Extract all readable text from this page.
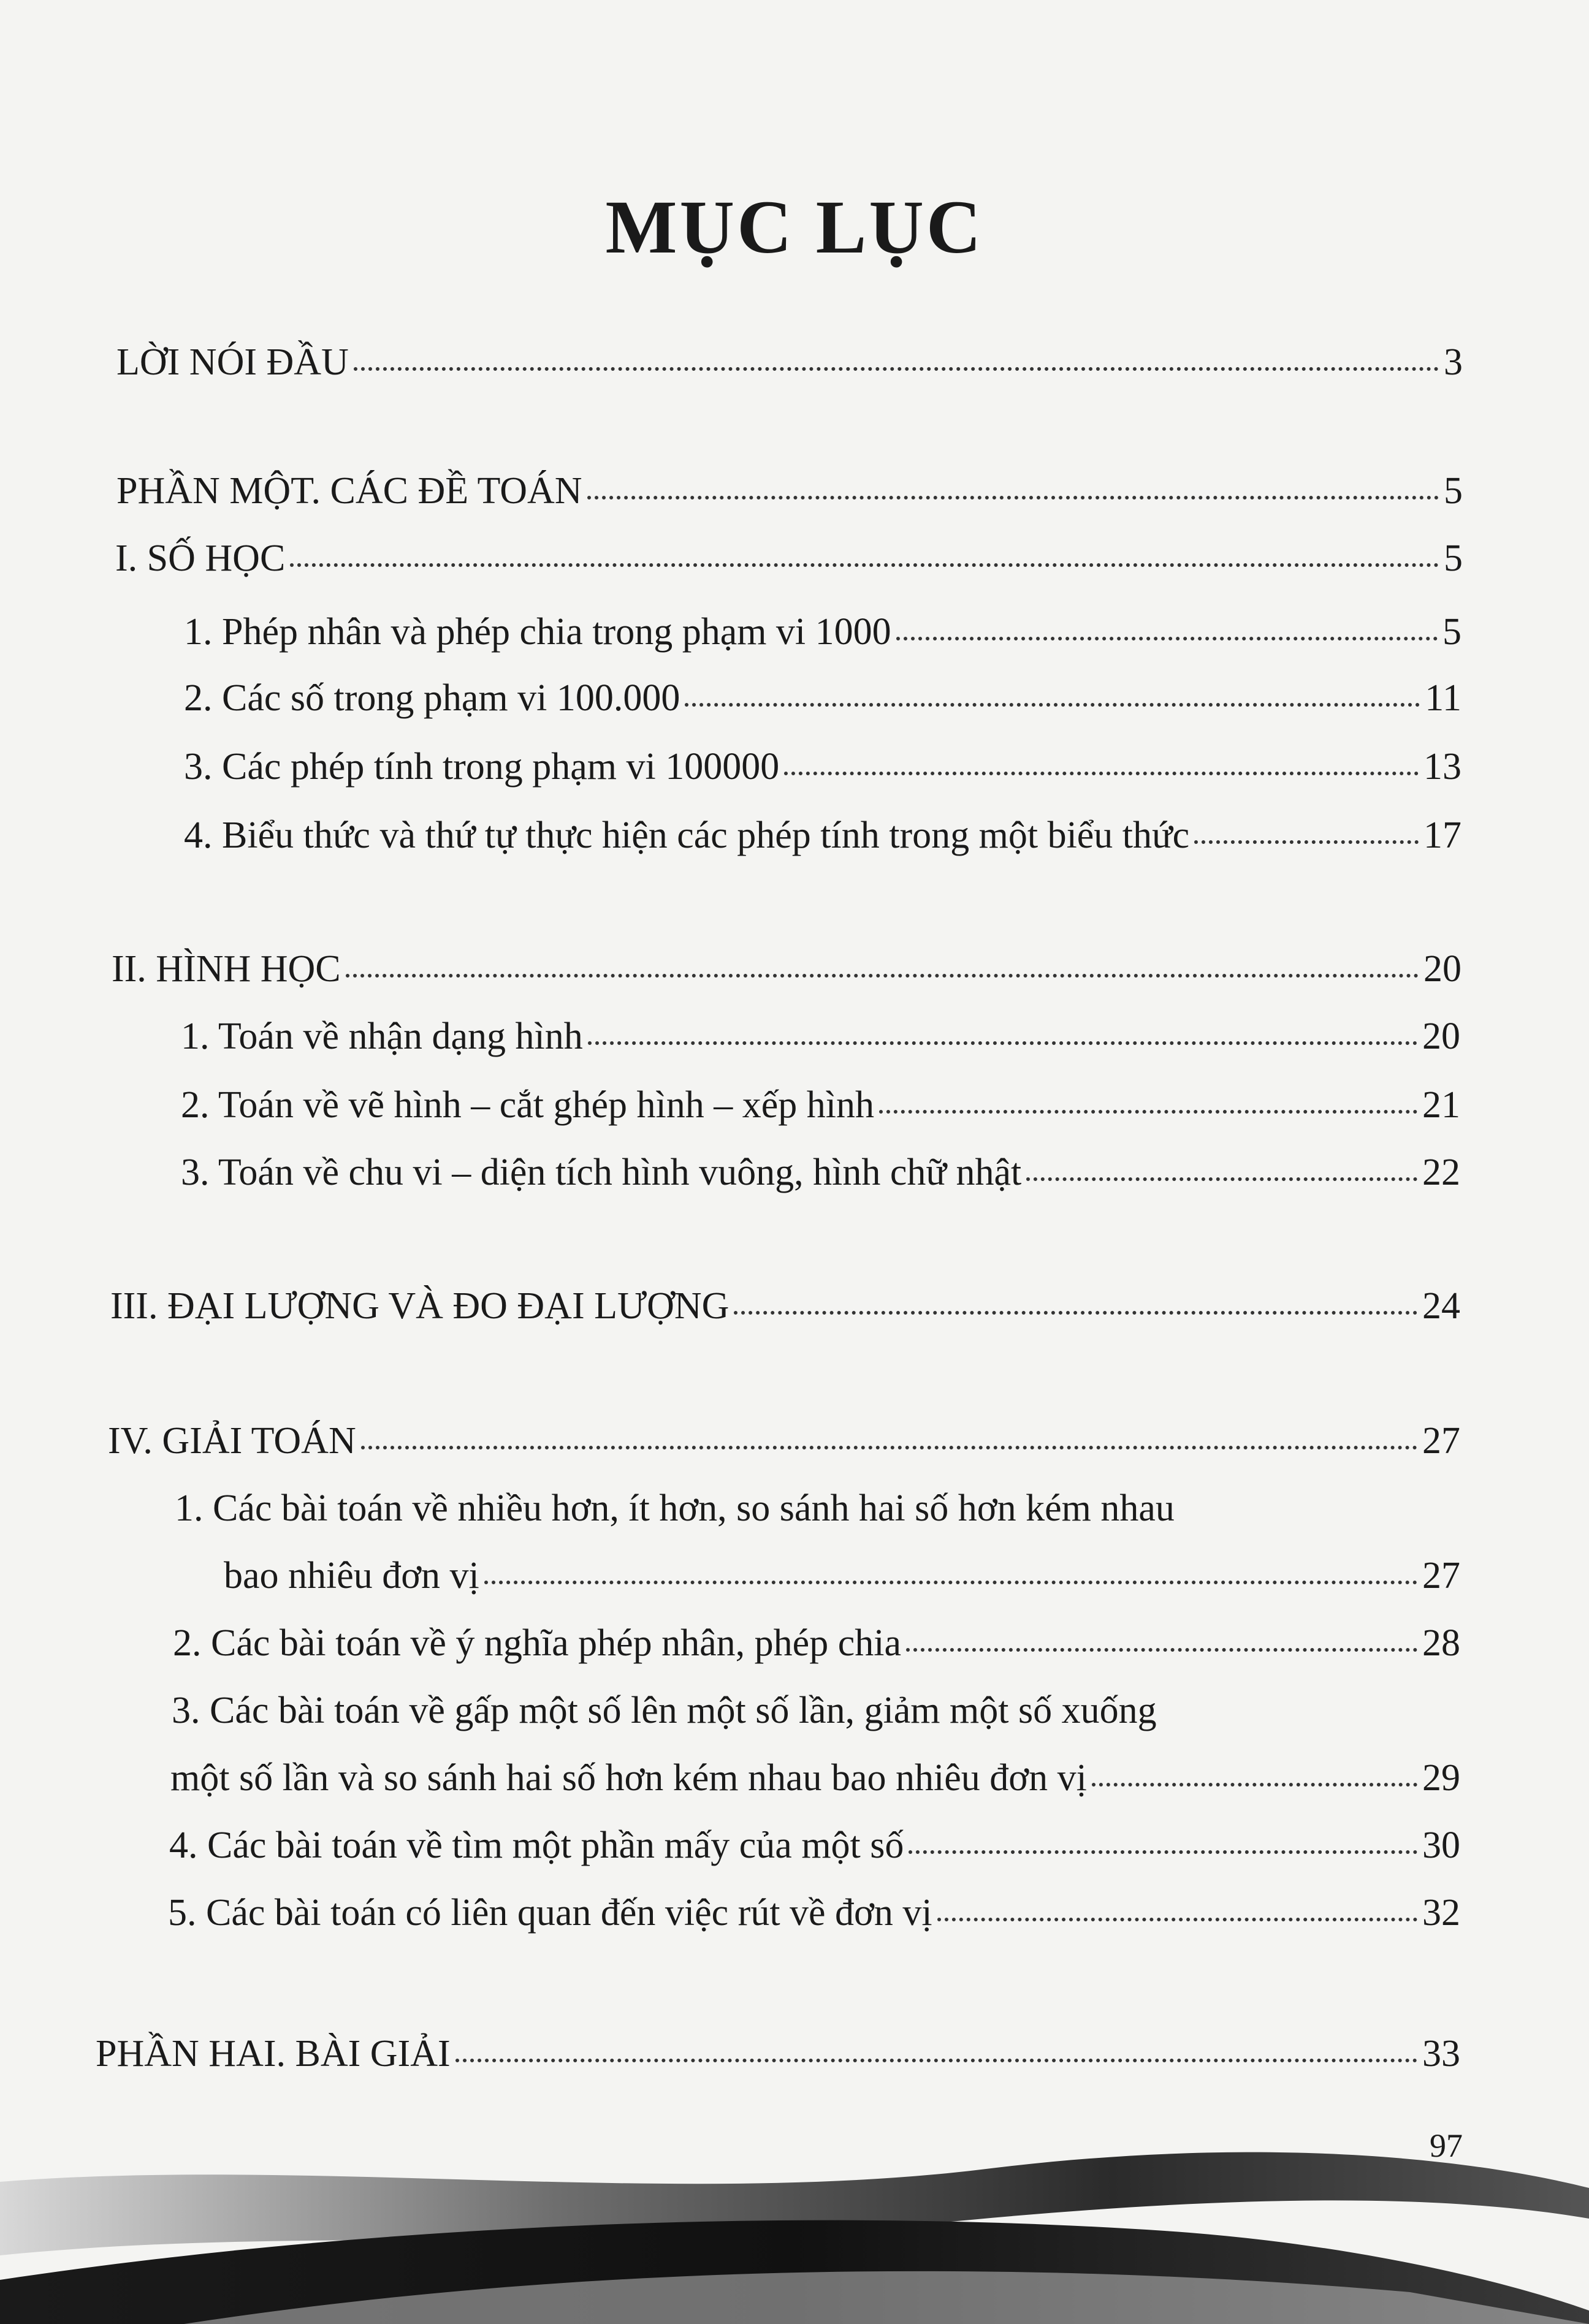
MỤC LỤC
LỜI NÓI ĐẦU	3
PHẦN MỘT. CÁC ĐỀ TOÁN	5
I. SỐ HỌC	5
1. Phép nhân và phép chia trong phạm vi 1000	5
2. Các số trong phạm vi 100.000	11
3. Các phép tính trong phạm vi 100000	13
4. Biểu thức và thứ tự thực hiện các phép tính trong một biểu thức	17
II. HÌNH HỌC	20
1. Toán về nhận dạng hình	20
2. Toán về vẽ hình – cắt ghép hình – xếp hình	21
3. Toán về chu vi – diện tích hình vuông, hình chữ nhật	22
III. ĐẠI LƯỢNG VÀ ĐO ĐẠI LƯỢNG	24
IV. GIẢI TOÁN	27
1. Các bài toán về nhiều hơn, ít hơn, so sánh hai số hơn kém nhau
bao nhiêu đơn vị	27
2. Các bài toán về ý nghĩa phép nhân, phép chia	28
3. Các bài toán về gấp một số lên một số lần, giảm một số xuống
một số lần và so sánh hai số hơn kém nhau bao nhiêu đơn vị	29
4. Các bài toán về tìm một phần mấy của một số	30
5. Các bài toán có liên quan đến việc rút về đơn vị	32
PHẦN HAI. BÀI GIẢI	33
97
